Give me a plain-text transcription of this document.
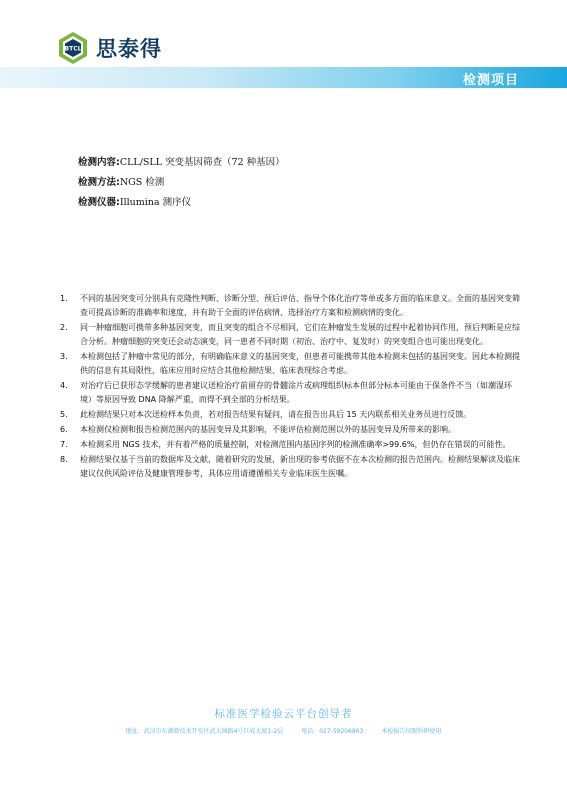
BTCL 思泰得
检测项目
检测内容:CLL/SLL 突变基因筛查（72 种基因）
检测方法:NGS 检测
检测仪器:Illumina 测序仪
1.	不同的基因突变可分别具有克隆性判断、诊断分型、预后评估、指导个体化治疗等单或多方面的临床意义。全面的基因突变筛查可提高诊断的准确率和速度，并有助于全面的评估病情、选择治疗方案和检测病情的变化。
2.	同一肿瘤细胞可携带多种基因突变，而且突变的组合不尽相同，它们在肿瘤发生发展的过程中起着协同作用，预后判断是应综合分析。肿瘤细胞的突变还会动态演变，同一患者不同时期（初治、治疗中、复发时）的突变组合也可能出现变化。
3.	本检测包括了肿瘤中常见的部分，有明确临床意义的基因突变，但患者可能携带其他本检测未包括的基因突变。因此本检测提供的信息有其局限性，临床应用时应结合其他检测结果、临床表现综合考虑。
4.	对治疗后已获形态学缓解的患者建议送检治疗前留存的骨髓涂片或病理组织标本但部分标本可能由于保条件不当（如潮湿环境）等原因导致 DNA 降解严重，而得不到全部的分析结果。
5.	此检测结果只对本次送检样本负责，若对报告结果有疑问，请在报告出具后 15 天内联系相关业务员进行反馈。
6.	本检测仅检测和报告检测范围内的基因变异及其影响，不能评估检测范围以外的基因变异及所带来的影响。
7.	本检测采用 NGS 技术，并有着严格的质量控制，对检测范围内基因序列的检测准确率>99.6%，但仍存在错误的可能性。
8.	检测结果仅基于当前的数据库及文献，随着研究的发展，新出现的参考依据不在本次检测的报告范围内。检测结果解读及临床建议仅供风险评估及健康管理参考，具体应用请遵循相关专业临床医生医嘱。
标准医学检验云平台创导者
地址：武汉市东湖新技术开发区武大园路4号巨成大厦1-2层	电话：027-59206863	本检报告仅限科研使用
